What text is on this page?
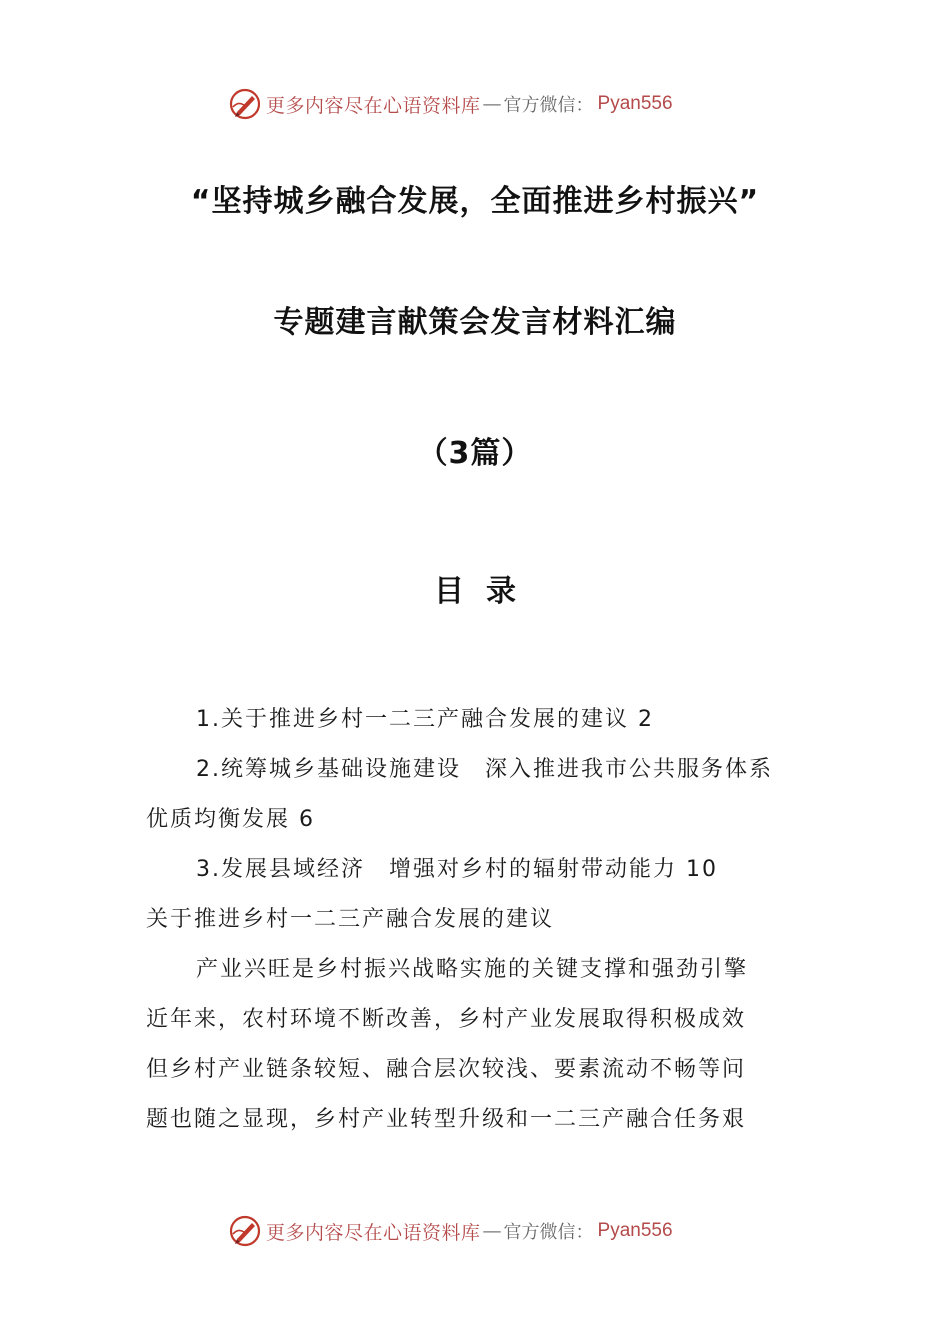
更多内容尽在心语资料库 — 官方微信： Pyan556
“坚持城乡融合发展，全面推进乡村振兴”
专题建言献策会发言材料汇编
（3篇）
目录
1.关于推进乡村一二三产融合发展的建议 2
2.统筹城乡基础设施建设　深入推进我市公共服务体系
优质均衡发展 6
3.发展县域经济　增强对乡村的辐射带动能力 10
关于推进乡村一二三产融合发展的建议
产业兴旺是乡村振兴战略实施的关键支撑和强劲引擎
近年来，农村环境不断改善，乡村产业发展取得积极成效
但乡村产业链条较短、融合层次较浅、要素流动不畅等问
题也随之显现，乡村产业转型升级和一二三产融合任务艰
更多内容尽在心语资料库 — 官方微信： Pyan556
